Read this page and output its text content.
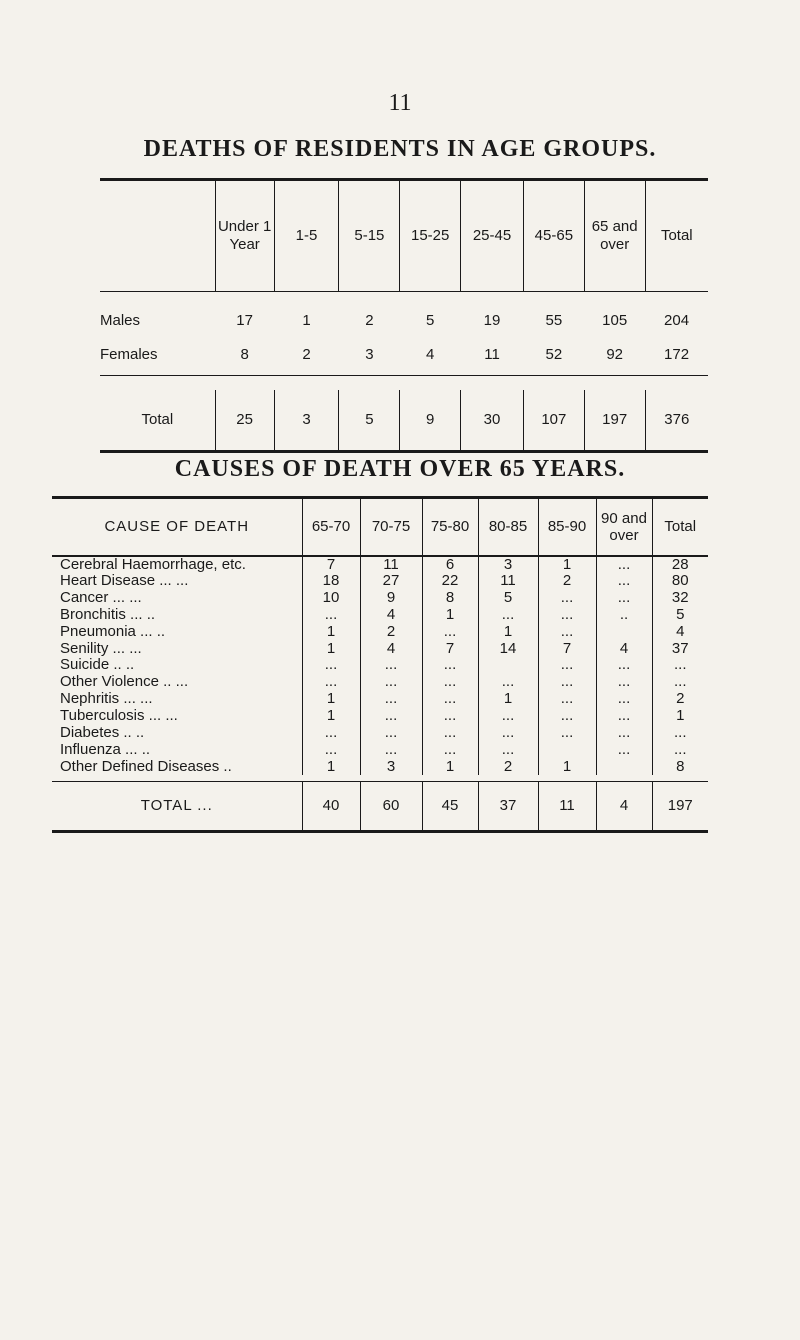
11
DEATHS OF RESIDENTS IN AGE GROUPS.
	Under 1 Year	1-5	5-15	15-25	25-45	45-65	65 and over	Total
Males	17	1	2	5	19	55	105	204
Females	8	2	3	4	11	52	92	172

Total	25	3	5	9	30	107	197	376
CAUSES OF DEATH OVER 65 YEARS.
CAUSE OF DEATH	65-70	70-75	75-80	80-85	85-90	90 and over	Total
Cerebral Haemorrhage, etc.	7	11	6	3	1	...	28
Heart Disease ... ...	18	27	22	11	2	...	80
Cancer ... ...	10	9	8	5	...	...	32
Bronchitis ... ..	...	4	1	...	...	..	5
Pneumonia ... ..	1	2	...	1	...		4
Senility ... ...	1	4	7	14	7	4	37
Suicide .. ..	...	...	...		...	...	...
Other Violence .. ...	...	...	...	...	...	...	...
Nephritis ... ...	1	...	...	1	...	...	2
Tuberculosis ... ...	1	...	...	...	...	...	1
Diabetes .. ..	...	...	...	...	...	...	...
Influenza ... ..	...	...	...	...		...	...
Other Defined Diseases ..	1	3	1	2	1		8

TOTAL ...	40	60	45	37	11	4	197
